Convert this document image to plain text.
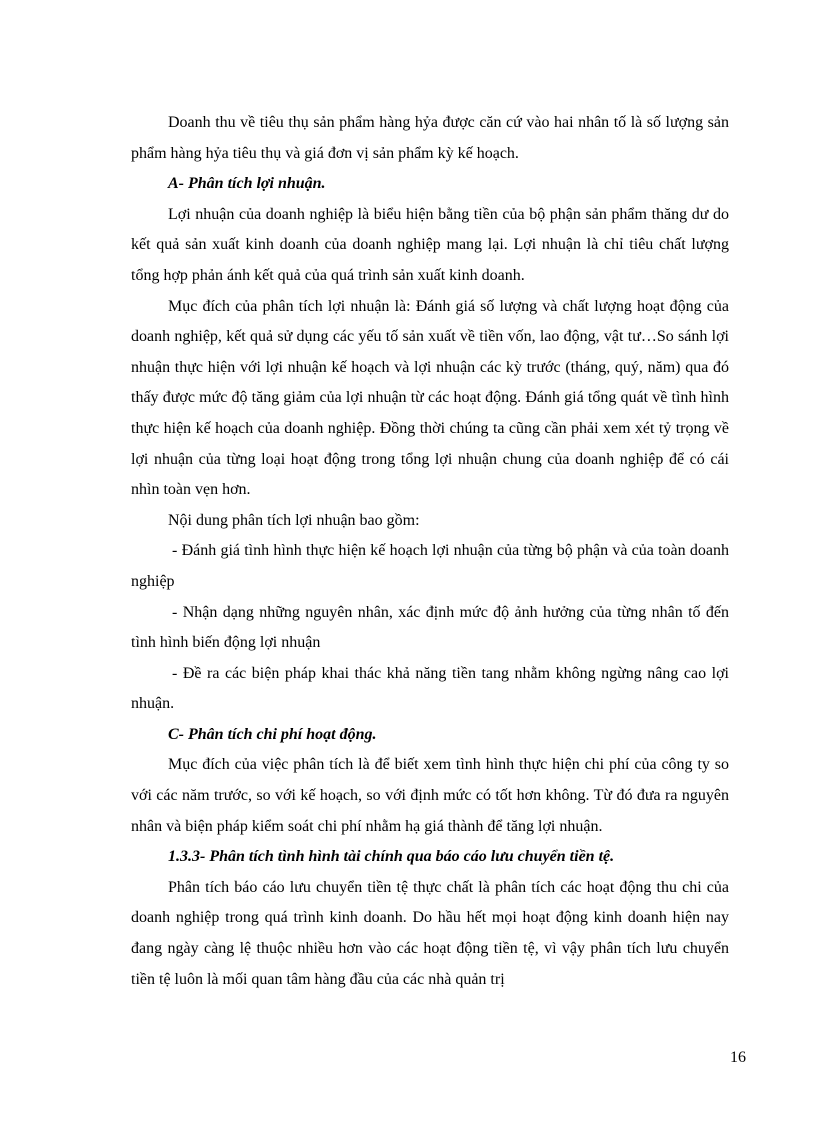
Doanh thu về tiêu thụ sản phẩm hàng hỷa được căn cứ vào hai nhân tố là số lượng sản phẩm hàng hỷa tiêu thụ và giá đơn vị sản phẩm kỳ kế hoạch.

A- Phân tích lợi nhuận.

Lợi nhuận của doanh nghiệp là biểu hiện bằng tiền của bộ phận sản phẩm thăng dư do kết quả sản xuất kinh doanh của doanh nghiệp mang lại. Lợi nhuận là chỉ tiêu chất lượng tổng hợp phản ánh kết quả của quá trình sản xuất kinh doanh.

Mục đích của phân tích lợi nhuận là: Đánh giá số lượng và chất lượng hoạt động của doanh nghiệp, kết quả sử dụng các yếu tố sản xuất về tiền vốn, lao động, vật tư…So sánh lợi nhuận thực hiện với lợi nhuận kế hoạch và lợi nhuận các kỳ trước (tháng, quý, năm) qua đó thấy được mức độ tăng giảm của lợi nhuận từ các hoạt động. Đánh giá tổng quát về tình hình thực hiện kế hoạch của doanh nghiệp. Đồng thời chúng ta cũng cần phải xem xét tỷ trọng về lợi nhuận của từng loại hoạt động trong tổng lợi nhuận chung của doanh nghiệp để có cái nhìn toàn vẹn hơn.

Nội dung phân tích lợi nhuận bao gồm:

- Đánh giá tình hình thực hiện kế hoạch lợi nhuận của từng bộ phận và của toàn doanh nghiệp

- Nhận dạng những nguyên nhân, xác định mức độ ảnh hưởng của từng nhân tố đến tình hình biến động lợi nhuận

- Đề ra các biện pháp khai thác khả năng tiền tang nhằm không ngừng nâng cao lợi nhuận.

C- Phân tích chi phí hoạt động.

Mục đích của việc phân tích là để biết xem tình hình thực hiện chi phí của công ty so với các năm trước, so với kế hoạch, so với định mức có tốt hơn không. Từ đó đưa ra nguyên nhân và biện pháp kiểm soát chi phí nhằm hạ giá thành để tăng lợi nhuận.

1.3.3- Phân tích tình hình tài chính qua báo cáo lưu chuyển tiền tệ.

Phân tích báo cáo lưu chuyển tiền tệ thực chất là phân tích các hoạt động thu chi của doanh nghiệp trong quá trình kinh doanh. Do hầu hết mọi hoạt động kinh doanh hiện nay đang ngày càng lệ thuộc nhiều hơn vào các hoạt động tiền tệ, vì vậy phân tích lưu chuyển tiền tệ luôn là mối quan tâm hàng đầu của các nhà quản trị

16
